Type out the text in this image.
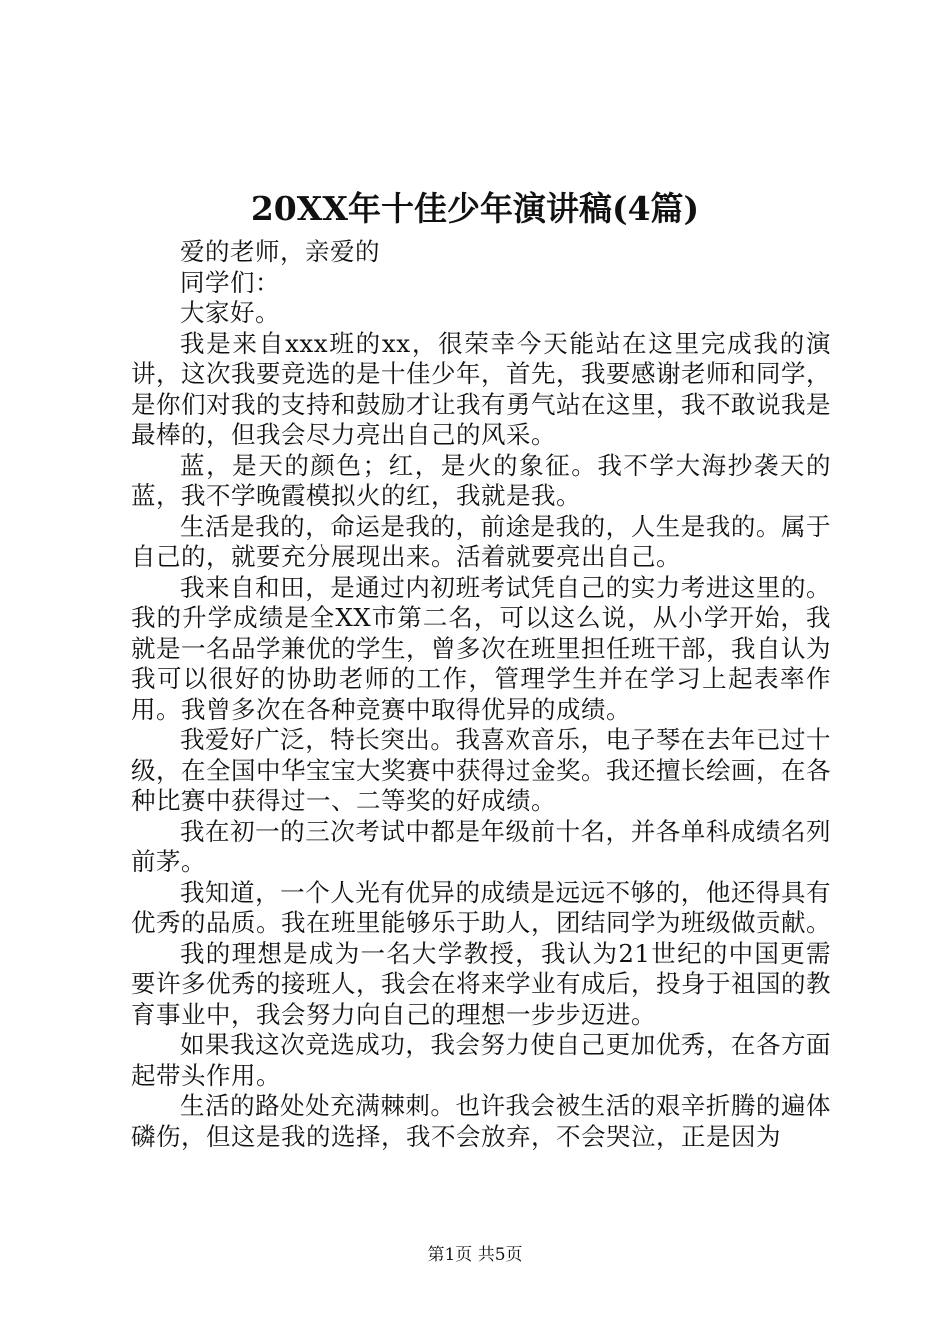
20XX年十佳少年演讲稿(4篇)

爱的老师，亲爱的

同学们：

大家好。

我是来自xxx班的xx，很荣幸今天能站在这里完成我的演讲，这次我要竞选的是十佳少年，首先，我要感谢老师和同学，是你们对我的支持和鼓励才让我有勇气站在这里，我不敢说我是最棒的，但我会尽力亮出自己的风采。

蓝，是天的颜色；红，是火的象征。我不学大海抄袭天的蓝，我不学晚霞模拟火的红，我就是我。

生活是我的，命运是我的，前途是我的，人生是我的。属于自己的，就要充分展现出来。活着就要亮出自己。

我来自和田，是通过内初班考试凭自己的实力考进这里的。我的升学成绩是全XX市第二名，可以这么说，从小学开始，我就是一名品学兼优的学生，曾多次在班里担任班干部，我自认为我可以很好的协助老师的工作，管理学生并在学习上起表率作用。我曾多次在各种竞赛中取得优异的成绩。

我爱好广泛，特长突出。我喜欢音乐，电子琴在去年已过十级，在全国中华宝宝大奖赛中获得过金奖。我还擅长绘画，在各种比赛中获得过一、二等奖的好成绩。

我在初一的三次考试中都是年级前十名，并各单科成绩名列前茅。

我知道，一个人光有优异的成绩是远远不够的，他还得具有优秀的品质。我在班里能够乐于助人，团结同学为班级做贡献。

我的理想是成为一名大学教授，我认为21世纪的中国更需要许多优秀的接班人，我会在将来学业有成后，投身于祖国的教育事业中，我会努力向自己的理想一步步迈进。

如果我这次竞选成功，我会努力使自己更加优秀，在各方面起带头作用。

生活的路处处充满棘刺。也许我会被生活的艰辛折腾的遍体磷伤，但这是我的选择，我不会放弃，不会哭泣，正是因为

第1页 共5页
